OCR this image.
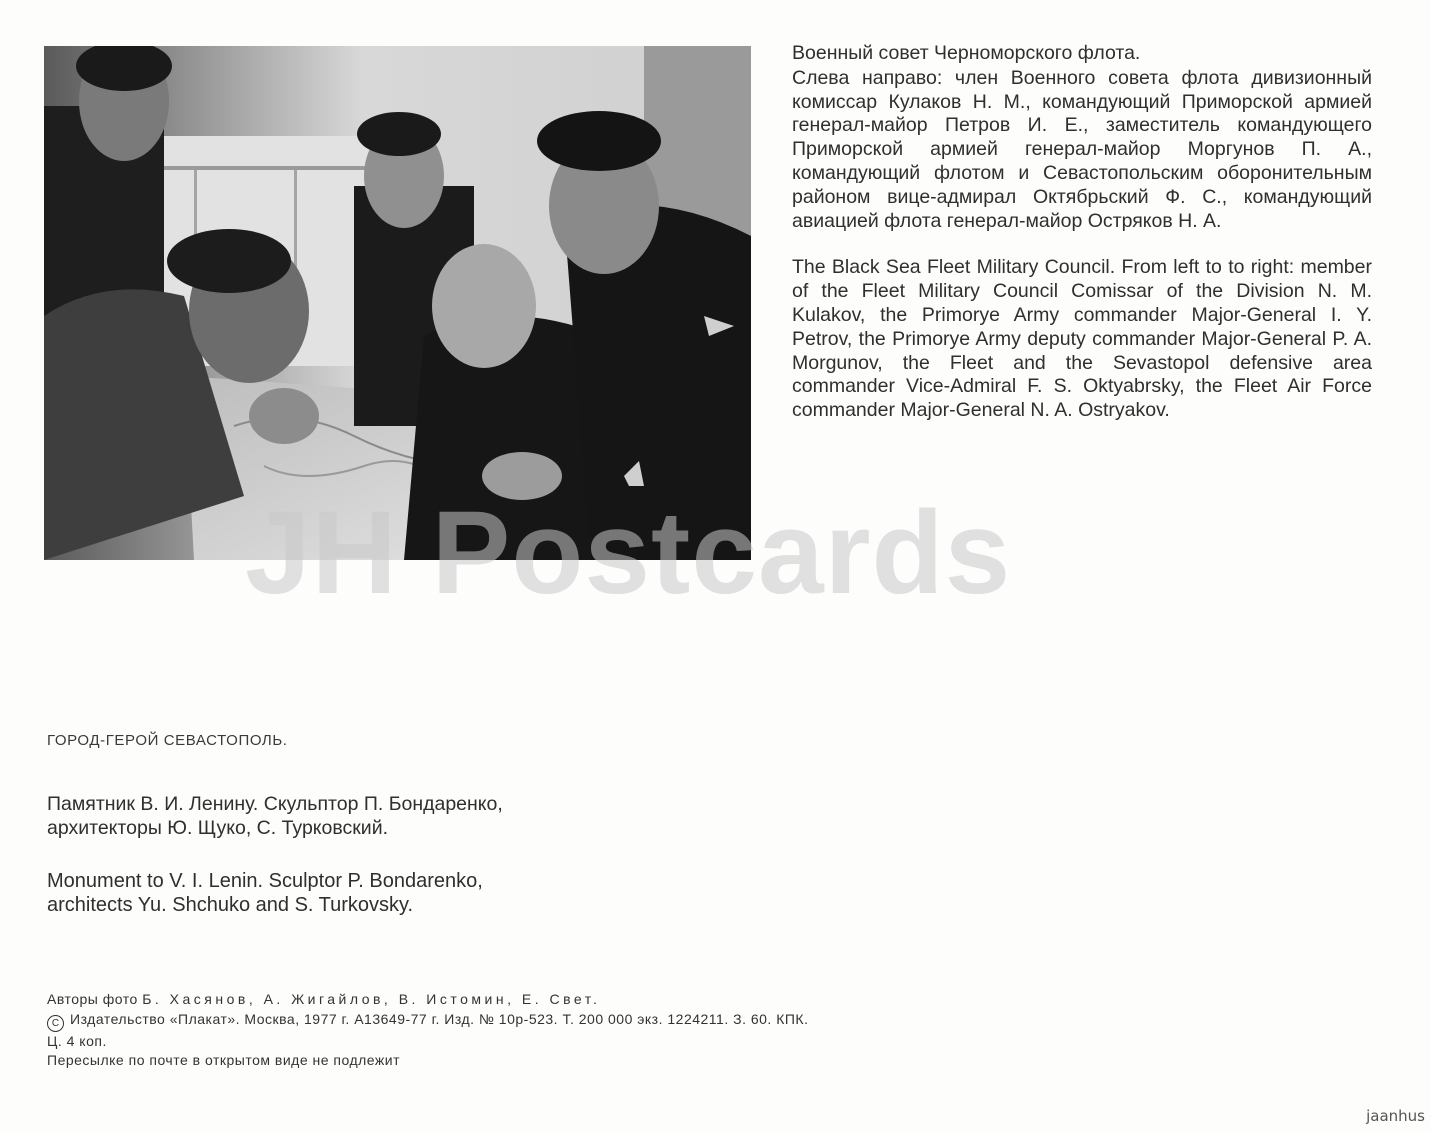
Военный совет Черноморского флота.

Слева направо: член Военного совета флота дивизионный комиссар Кулаков Н. М., командующий Приморской армией генерал-майор Петров И. Е., заместитель командующего Приморской армией генерал-майор Моргунов П. А., командующий флотом и Севастопольским оборонительным районом вице-адмирал Октябрьский Ф. С., командующий авиацией флота генерал-майор Остряков Н. А.

The Black Sea Fleet Military Council. From left to to right: member of the Fleet Military Council Comissar of the Division N. M. Kulakov, the Primorye Army commander Major-General I. Y. Petrov, the Primorye Army deputy commander Major-General P. A. Morgunov, the Fleet and the Sevastopol defensive area commander Vice-Admiral F. S. Oktyabrsky, the Fleet Air Force commander Major-General N. A. Ostryakov.

JH Postcards
ГОРОД-ГЕРОЙ СЕВАСТОПОЛЬ.

Памятник В. И. Ленину. Скульптор П. Бондаренко,

архитекторы Ю. Щуко, С. Турковский.

Monument to V. I. Lenin. Sculptor P. Bondarenko,

architects Yu. Shchuko and S. Turkovsky.

Авторы фото Б. Хасянов, А. Жигайлов, В. Истомин, Е. Свет.

C Издательство «Плакат». Москва, 1977 г. А13649-77 г. Изд. № 10р-523. Т. 200 000 экз. 1224211. З. 60. КПК.

Ц. 4 коп.

Пересылке по почте в открытом виде не подлежит

jaanhus
